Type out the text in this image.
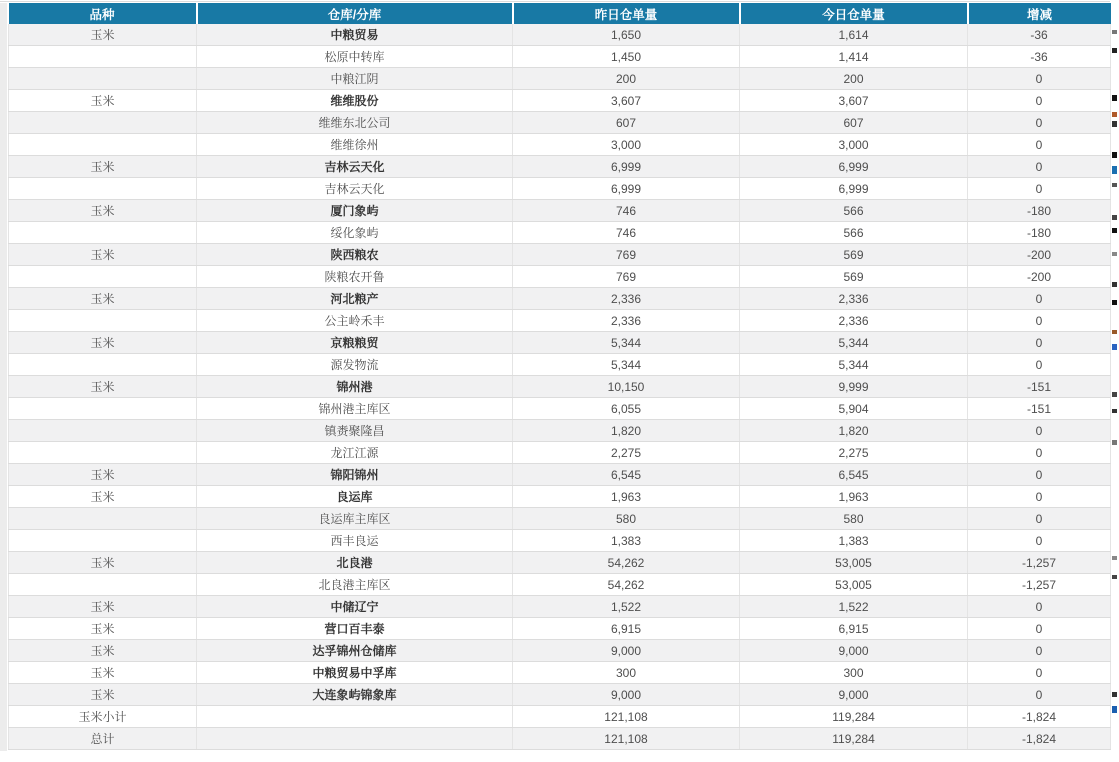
品种	仓库/分库	昨日仓单量	今日仓单量	增减
玉米	中粮贸易	1,650	1,614	-36
	松原中转库	1,450	1,414	-36
	中粮江阴	200	200	0
玉米	维维股份	3,607	3,607	0
	维维东北公司	607	607	0
	维维徐州	3,000	3,000	0
玉米	吉林云天化	6,999	6,999	0
	吉林云天化	6,999	6,999	0
玉米	厦门象屿	746	566	-180
	绥化象屿	746	566	-180
玉米	陕西粮农	769	569	-200
	陕粮农开鲁	769	569	-200
玉米	河北粮产	2,336	2,336	0
	公主岭禾丰	2,336	2,336	0
玉米	京粮粮贸	5,344	5,344	0
	源发物流	5,344	5,344	0
玉米	锦州港	10,150	9,999	-151
	锦州港主库区	6,055	5,904	-151
	镇赉聚隆昌	1,820	1,820	0
	龙江江源	2,275	2,275	0
玉米	锦阳锦州	6,545	6,545	0
玉米	良运库	1,963	1,963	0
	良运库主库区	580	580	0
	西丰良运	1,383	1,383	0
玉米	北良港	54,262	53,005	-1,257
	北良港主库区	54,262	53,005	-1,257
玉米	中储辽宁	1,522	1,522	0
玉米	营口百丰泰	6,915	6,915	0
玉米	达孚锦州仓储库	9,000	9,000	0
玉米	中粮贸易中孚库	300	300	0
玉米	大连象屿锦象库	9,000	9,000	0
玉米小计		121,108	119,284	-1,824
总计		121,108	119,284	-1,824
